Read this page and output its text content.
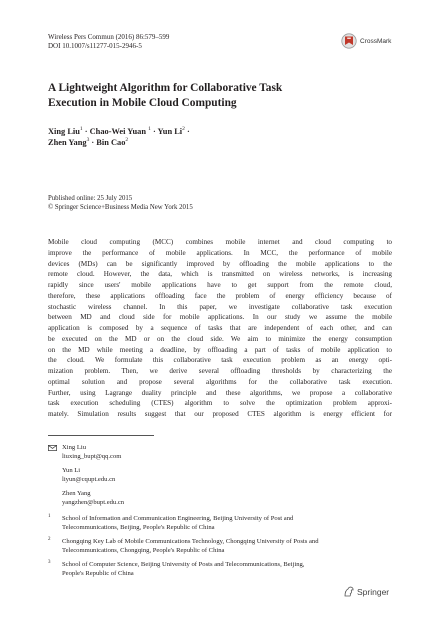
Wireless Pers Commun (2016) 86:579–599
DOI 10.1007/s11277-015-2946-5
CrossMark
A Lightweight Algorithm for Collaborative Task
Execution in Mobile Cloud Computing
Xing Liu$^1$ · Chao-Wei Yuan $^1$ · Yun $Li^2$ ·
Zhen Yang$^3$ · Bin Cao$^2$
Published online: 25 July 2015
© Springer Science+Business Media New York 2015
Mobile cloud computing (MCC) combines mobile internet and cloud computing to
improve the performance of mobile applications. In MCC, the performance of mobile
devices (MDs) can be significantly improved by offloading the mobile applications to the
remote cloud. However, the data, which is transmitted on wireless networks, is increasing
rapidly since users' mobile applications have to get support from the remote cloud,
therefore, these applications offloading face the problem of energy efficiency because of
stochastic wireless channel. In this paper, we investigate collaborative task execution
between MD and cloud side for mobile applications. In our study we assume the mobile
application is composed by a sequence of tasks that are independent of each other, and can
be executed on the MD or on the cloud side. We aim to minimize the energy consumption
on the MD while meeting a deadline, by offloading a part of tasks of mobile application to
the cloud. We formulate this collaborative task execution problem as an energy opti-
mization problem. Then, we derive several offloading thresholds by characterizing the
optimal solution and propose several algorithms for the collaborative task execution.
Further, using Lagrange duality principle and these algorithms, we propose a collaborative
task execution scheduling (CTES) algorithm to solve the optimization problem approxi-
mately. Simulation results suggest that our proposed CTES algorithm is energy efficient for
Xing Liu
liuxing_bupt@qq.com
Yun Li
liyun@cqupt.edu.cn
Zhen Yang
yangzhen@bupt.edu.cn
1 School of Information and Communication Engineering, Beijing University of Post and
Telecommunications, Beijing, People's Republic of China
2 Chongqing Key Lab of Mobile Communications Technology, Chongqing University of Posts and
Telecommunications, Chongqing, People's Republic of China
3 School of Computer Science, Beijing University of Posts and Telecommunications, Beijing,
People's Republic of China
Springer
